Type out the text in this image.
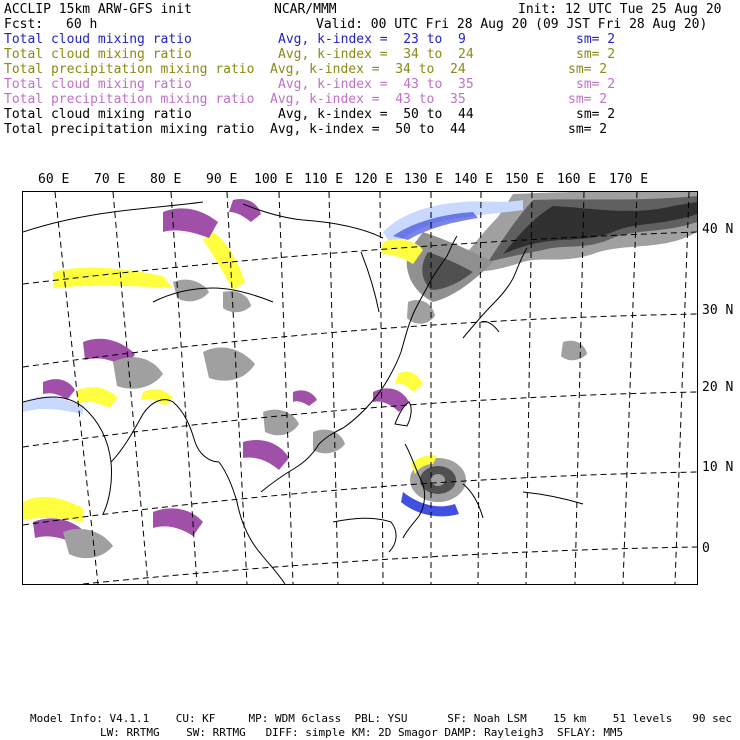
ACCLIP 15km ARW-GFS init	NCAR/MMM	Init: 12 UTC Tue 25 Aug 20
Fcst: 60 h	Valid: 00 UTC Fri 28 Aug 20 (09 JST Fri 28 Aug 20)
Total cloud mixing ratio	Avg, k-index =  23 to  9	sm= 2
Total cloud mixing ratio	Avg, k-index =  34 to  24	sm= 2
Total precipitation mixing ratio Avg, k-index =  34 to  24	sm= 2
Total cloud mixing ratio	Avg, k-index =  43 to  35	sm= 2
Total precipitation mixing ratio Avg, k-index =  43 to  35	sm= 2
Total cloud mixing ratio	Avg, k-index =  50 to  44	sm= 2
Total precipitation mixing ratio Avg, k-index =  50 to  44	sm= 2
60 E 70 E 80 E 90 E 100 E 110 E 120 E 130 E 140 E 150 E 160 E 170 E
40 N
30 N
20 N
10 N
0
Model Info: V4.1.1    CU: KF     MP: WDM 6class  PBL: YSU      SF: Noah LSM    15 km    51 levels   90 sec
LW: RRTMG    SW: RRTMG   DIFF: simple KM: 2D Smagor DAMP: Rayleigh3  SFLAY: MM5
